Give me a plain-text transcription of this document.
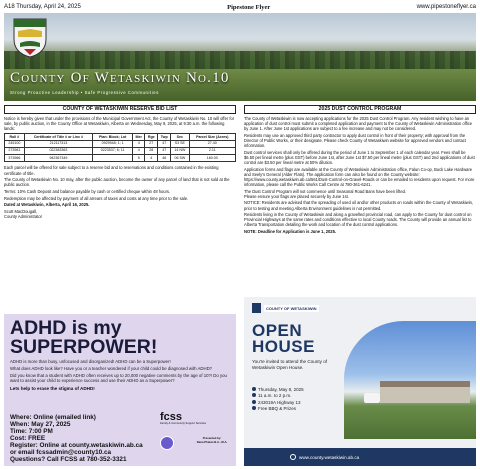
A18 Thursday, April 24, 2025	Pipestone Flyer	www.pipestoneflyer.ca
County Of Wetaskiwin No.10
Strong Proactive Leadership • Safe Progressive Communities
COUNTY OF WETASKIWIN RESERVE BID LIST

Notice is hereby given that under the provisions of the Municipal Government Act, the County of Wetaskiwin No. 10 will offer for sale, by public auction, in the County Office at Wetaskiwin, Alberta on Wednesday, May 9, 2025, at 9:30 a.m. the following lands:

Roll #	Certificate of Title # or Linc #	Plan: Block; Lot	Mer	Rge	Twp	Sec	Parcel Size (Acres)
245100	212117313	0929948; 1; 1	4	27	47	S3 SE	27.40
273981	022383363	0223537; 6; 11	4	28	47	14 NW	2.11
373966	942367349		5	4	46	06 SW	160.00

Each parcel will be offered for sale subject to a reserve bid and to reservations and conditions contained in the existing certificate of title.

The County of Wetaskiwin No. 10 may, after the public auction, become the owner of any parcel of land that is not sold at the public auction.

Terms: 10% Cash Deposit and balance payable by cash or certified cheque within 48 hours.

Redemption may be affected by payment of all arrears of taxes and costs at any time prior to the sale.

Dated at Wetaskiwin, Alberta, April 16, 2025.

Scott MacDougall,

County Administrator

2025 DUST CONTROL PROGRAM

The County of Wetaskiwin is now accepting applications for the 2025 Dust Control Program. Any resident wishing to have an application of dust control must submit a completed application and payment to the County of Wetaskiwin Administration office by June 1. After June 1st applications are subject to a fee increase and may not be considered.

Residents may use an approved third party contractor to apply dust control in front of their property; with approval from the Director of Public Works, or their designate. Please check County of Wetaskiwin website for approved vendors and contact information.

Dust control services shall only be offered during the period of June 1 to September 1 of each calendar year. Fees shall be $6.50 per lineal metre (plus GST) before June 1st, after June 1st $7.50 per lineal metre (plus GST) and 2nd applications of dust control are $3.50 per lineal metre at 50% dilution.

Application forms and flags are available at the County of Wetaskiwin Administration office, Falun Co-op, Buck Lake Hardware and Seely's General (Alder Flats). The application form can also be found on the County website: https://www.county.wetaskiwin.ab.ca/561/Dust-Control-on-Gravel-Roads or can be emailed to residents upon request. For more information, please call the Public Works Call Centre at 780-361-6241.

The Dust Control Program will not commence until Seasonal Road Bans have been lifted.

Please ensure your flags are placed securely by June 1st.

NOTICE: Residents are advised that the spreading of used oil and/or other products on roads within the County of Wetaskiwin, prior to testing and meeting Alberta Environment guidelines is not permitted.

Residents living in the County of Wetaskiwin and along a gravelled provincial road, can apply to the County for dust control on Provincial Highways at the same rates and conditions effective to local County roads. The County will provide an annual list to Alberta Transportation detailing the work and location of the dust control applications.

NOTE: Deadline for Application is June 1, 2025.

ADHD is my SUPERPOWER!
ADHD is more than busy, unfocused and disorganized! ADHD can be a Superpower!
What does ADHD look like? Have you or a teacher wondered if your child could be diagnosed with ADHD?
Did you know that a student with ADHD often receives up to 20,000 negative comments by the age of 10?! Do you want to assist your child to experience success and use their ADHD as a Superpower?
Lets help to erase the stigma of ADHD!
Where: Online (emailed link)
When: May 27, 2025
Time: 7:00 PM
Cost: FREE
Register: Online at county.wetaskiwin.ab.ca
or email fcssadmin@county10.ca
Questions? Call FCSS at 780-352-3321
fcss
Family & Community Support Services
Presented by:
Dana Phelan B.A., M.A.
COUNTY OF WETASKIWIN
OPEN
HOUSE
You're invited to attend the County of Wetaskiwin Open House.
Thursday, May 8, 2025
11 a.m. to 2 p.m.
243019A Highway 13
Free BBQ & Prizes
www.county.wetaskiwin.ab.ca
